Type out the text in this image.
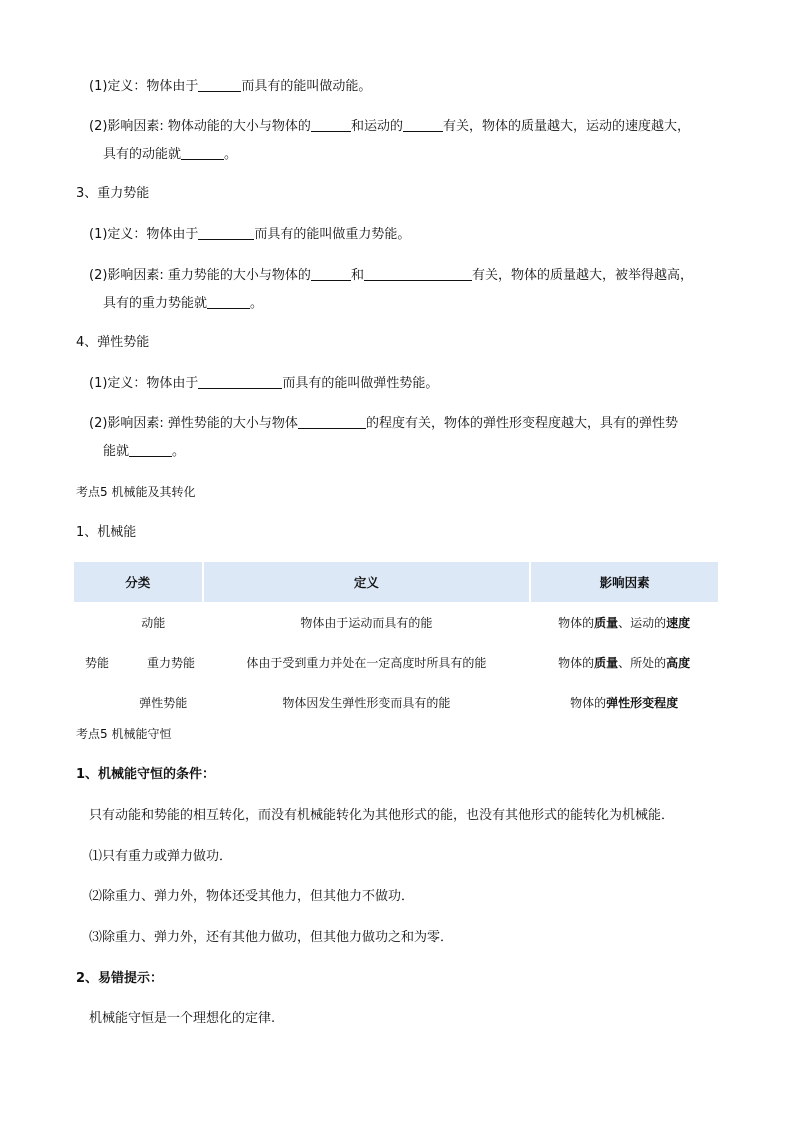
(1)定义：物体由于	而具有的能叫做动能。
(2)影响因素: 物体动能的大小与物体的	和运动的	有关，物体的质量越大，运动的速度越大，
具有的动能就	。
3、重力势能
(1)定义：物体由于	而具有的能叫做重力势能。
(2)影响因素: 重力势能的大小与物体的	和	有关，物体的质量越大，被举得越高，
具有的重力势能就	。
4、弹性势能
(1)定义：物体由于	而具有的能叫做弹性势能。
(2)影响因素: 弹性势能的大小与物体	的程度有关，物体的弹性形变程度越大，具有的弹性势
能就	。
考点5 机械能及其转化
1、机械能
分类	定义	影响因素
动能	物体由于运动而具有的能	物体的质量、运动的速度
势能 重力势能	体由于受到重力并处在一定高度时所具有的能	物体的质量、所处的高度
弹性势能	物体因发生弹性形变而具有的能	物体的弹性形变程度
考点5 机械能守恒
1、机械能守恒的条件：
只有动能和势能的相互转化，而没有机械能转化为其他形式的能，也没有其他形式的能转化为机械能．
⑴只有重力或弹力做功．
⑵除重力、弹力外，物体还受其他力，但其他力不做功．
⑶除重力、弹力外，还有其他力做功，但其他力做功之和为零．
2、易错提示：
机械能守恒是一个理想化的定律.
